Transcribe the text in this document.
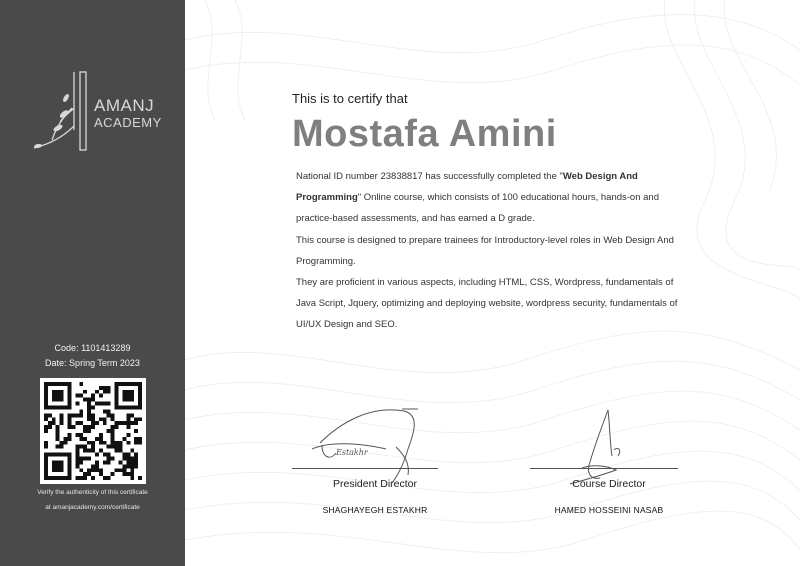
AMANJ
ACADEMY
Code: 1101413289
Date: Spring Term 2023
Verify the authenticity of this certificate
at amanjacademy.com/certificate
This is to certify that
Mostafa Amini
National ID number 23838817 has successfully completed the "Web Design And Programming" Online course, which consists of 100 educational hours, hands-on and practice-based assessments, and has earned a D grade.
This course is designed to prepare trainees for Introductory-level roles in Web Design And Programming.
They are proficient in various aspects, including HTML, CSS, Wordpress, fundamentals of Java Script, Jquery, optimizing and deploying website, wordpress security, fundamentals of UI/UX Design and SEO.
Estakhr
President Director
SHAGHAYEGH ESTAKHR
Course Director
HAMED HOSSEINI NASAB
